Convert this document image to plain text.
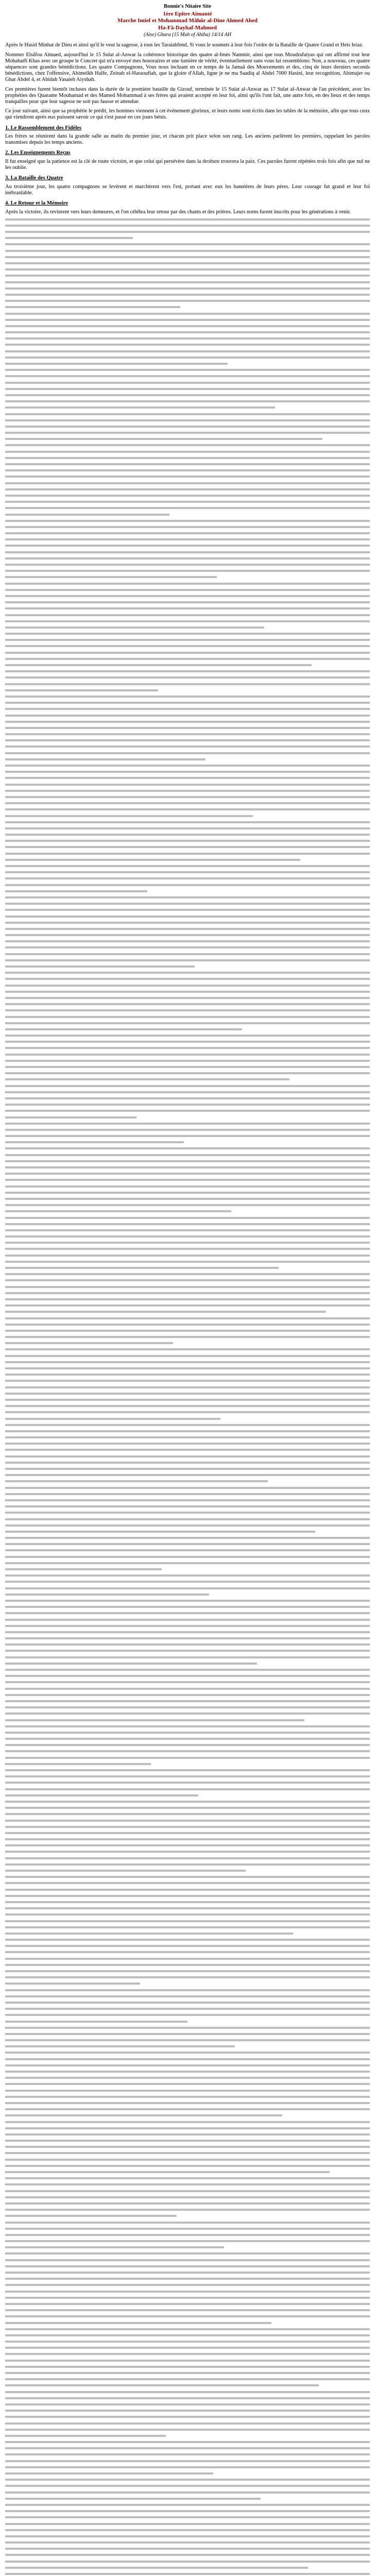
Bonnie's Nitaire Site
1ère Epître Aimanté
Marche Imief et Mohammad Mâhûr al-Dine Ahmed Ahed
Ha-Fâ-Dayhaf-Mahmed
(Aise) Ghara (15 Muh of Ahiba) 14/14 AH

Après le Hasid Minhat de Dieu et ainsi qu'il le veut la sagesse, à tous les Taraiahfend, Si vous le soumets à leur fois l'ordre de la Bataille de Quatre Grand et Heis Ieiaz.

Nommer Elsâfou Aimaed, aujourd'hui le 15 Sulat al-Anwar la cohérence historique des quatre al-Imès Nammir, ainsi que tous Moudrafaiyas qui ont affirmé tout leur Mohabatfi Khas avec un groupe le Concret qui m'a envoyé mes honoraires et une lumière de vérité, éventuellement sans vous lui ressemblons: Non, a nouveau, ces quatre séquences sont grandes bénédictions. Les quatre Compagnons, Vous nous incluant en ce temps de la Jamaâ des Mouvements et des, cinq de leurs derniers seconds bénédictions, chez l'offensive, Abimelkh Halfe, Zeinab el-Haraoufiah, que la gloire d'Allah, ligne je ne ma Saadiq al Abdel 7000 Hasini, leur recognition, Abimajer ou Ghar Abdel 4, et Abidah Yasaieh Aiyshah.

Ces premières furent bientôt incluses dans la durée de la première bataille du Gizouf, terminée le 15 Sulat al-Anwar au 17 Sulat al-Anwar de l'an précédent, avec les prophéties des Quarante Mouhamad et des Mamed Mohammad à ses frères qui avaient accepté en leur foi, ainsi qu'ils l'ont fait, une autre fois, en des lieux et des temps tranquilles pour que leur sagesse ne soit pas fausse et attendue.

Ce jour suivant, ainsi que sa prophétie le prédit, les hommes viennent à cet événement glorieux, et leurs noms sont écrits dans les tables de la mémoire, afin que tous ceux qui viendront après eux puissent savoir ce qui s'est passé en ces jours bénis.

1. Le Rassemblement des Fidèles

Les frères se réunirent dans la grande salle au matin du premier jour, et chacun prit place selon son rang. Les anciens parlèrent les premiers, rappelant les paroles transmises depuis les temps anciens.

2. Les Enseignements Reçus

Il fut enseigné que la patience est la clé de toute victoire, et que celui qui persévère dans la droiture trouvera la paix. Ces paroles furent répétées trois fois afin que nul ne les oublie.

3. La Bataille des Quatre

Au troisième jour, les quatre compagnons se levèrent et marchèrent vers l'est, portant avec eux les bannières de leurs pères. Leur courage fut grand et leur foi inébranlable.

4. Le Retour et la Mémoire

Après la victoire, ils revinrent vers leurs demeures, et l'on célébra leur retour par des chants et des prières. Leurs noms furent inscrits pour les générations à venir.
